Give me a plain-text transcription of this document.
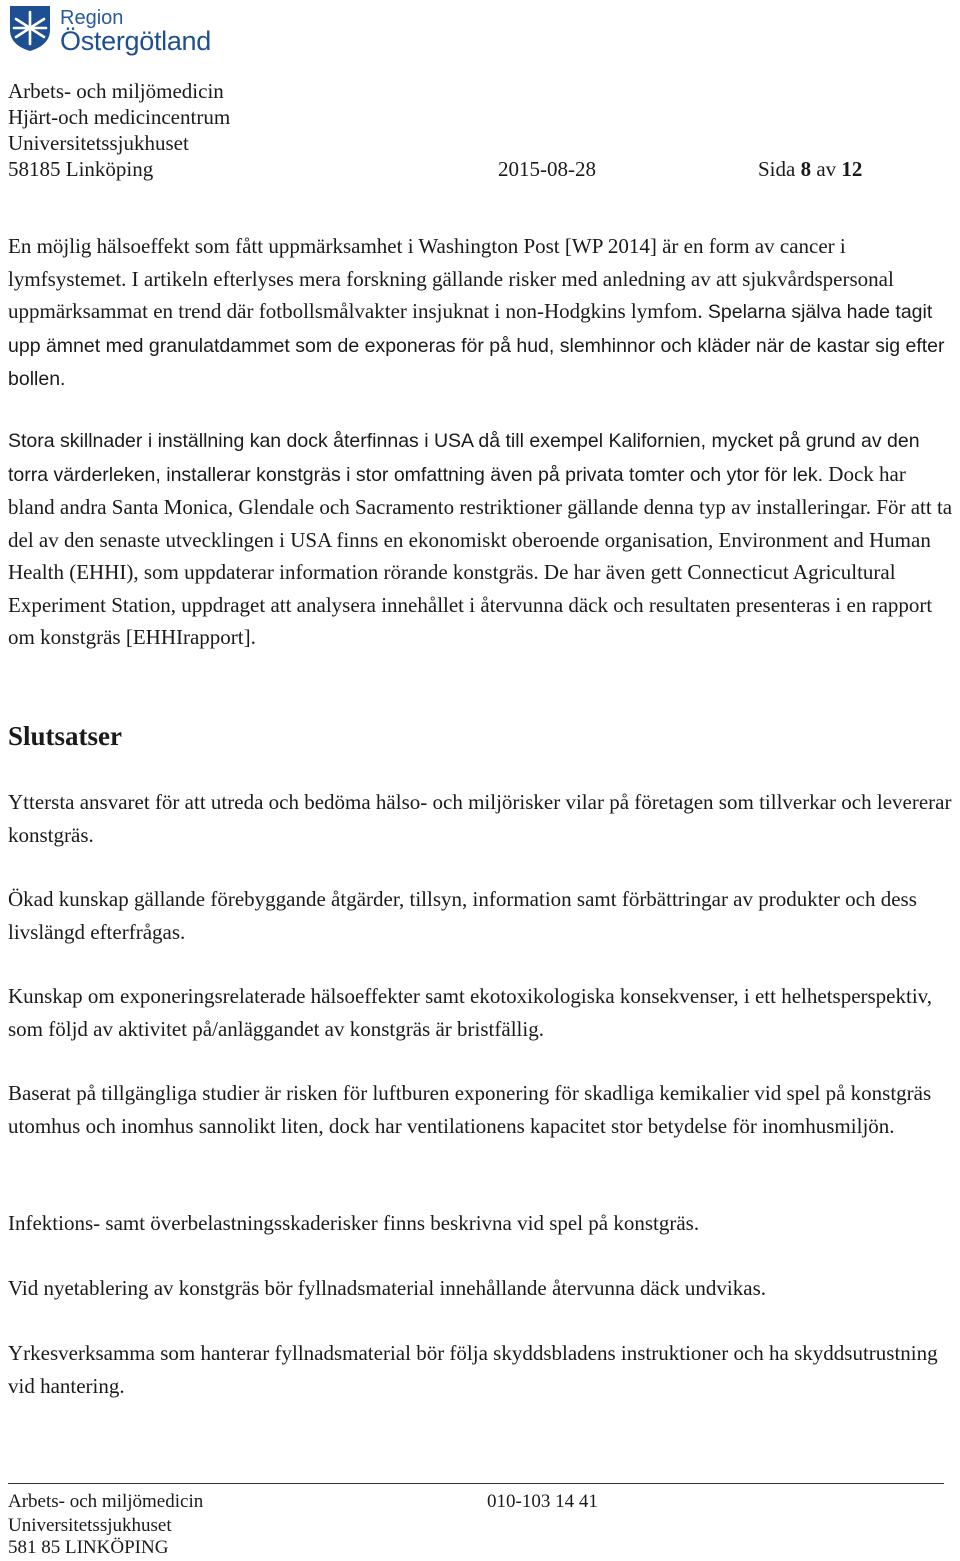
Region
Östergötland
Arbets- och miljömedicin
Hjärt-och medicincentrum
Universitetssjukhuset
58185 Linköping	2015-08-28	Sida 8 av 12

En möjlig hälsoeffekt som fått uppmärksamhet i Washington Post [WP 2014] är en form av cancer i lymfsystemet. I artikeln efterlyses mera forskning gällande risker med anledning av att sjukvårdspersonal uppmärksammat en trend där fotbollsmålvakter insjuknat i non-Hodgkins lymfom. Spelarna själva hade tagit upp ämnet med granulatdammet som de exponeras för på hud, slemhinnor och kläder när de kastar sig efter bollen.

Stora skillnader i inställning kan dock återfinnas i USA då till exempel Kalifornien, mycket på grund av den torra värderleken, installerar konstgräs i stor omfattning även på privata tomter och ytor för lek. Dock har bland andra Santa Monica, Glendale och Sacramento restriktioner gällande denna typ av installeringar. För att ta del av den senaste utvecklingen i USA finns en ekonomiskt oberoende organisation, Environment and Human Health (EHHI), som uppdaterar information rörande konstgräs. De har även gett Connecticut Agricultural Experiment Station, uppdraget att analysera innehållet i återvunna däck och resultaten presenteras i en rapport om konstgräs [EHHIrapport].

Slutsatser

Yttersta ansvaret för att utreda och bedöma hälso- och miljörisker vilar på företagen som tillverkar och levererar konstgräs.

Ökad kunskap gällande förebyggande åtgärder, tillsyn, information samt förbättringar av produkter och dess livslängd efterfrågas.

Kunskap om exponeringsrelaterade hälsoeffekter samt ekotoxikologiska konsekvenser, i ett helhetsperspektiv, som följd av aktivitet på/anläggandet av konstgräs är bristfällig.

Baserat på tillgängliga studier är risken för luftburen exponering för skadliga kemikalier vid spel på konstgräs utomhus och inomhus sannolikt liten, dock har ventilationens kapacitet stor betydelse för inomhusmiljön.

Infektions- samt överbelastningsskaderisker finns beskrivna vid spel på konstgräs.

Vid nyetablering av konstgräs bör fyllnadsmaterial innehållande återvunna däck undvikas.

Yrkesverksamma som hanterar fyllnadsmaterial bör följa skyddsbladens instruktioner och ha skyddsutrustning vid hantering.

Arbets- och miljömedicin	010-103 14 41
Universitetssjukhuset
581 85 LINKÖPING
